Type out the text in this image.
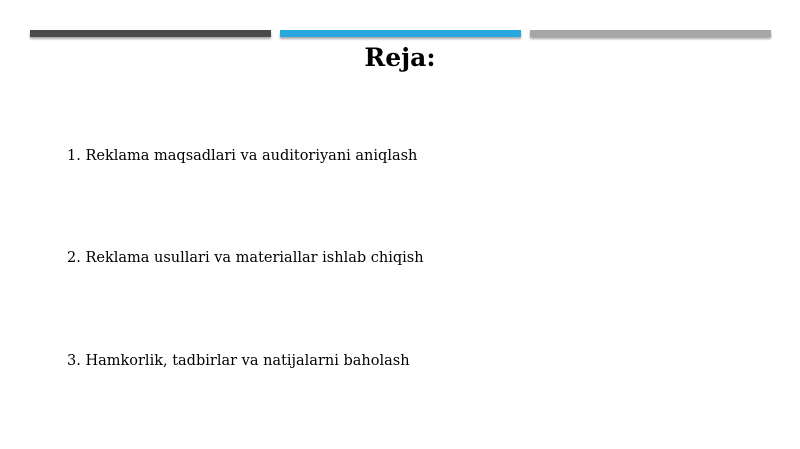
Reja:
1. Reklama maqsadlari va auditoriyani aniqlash
2. Reklama usullari va materiallar ishlab chiqish
3. Hamkorlik, tadbirlar va natijalarni baholash
